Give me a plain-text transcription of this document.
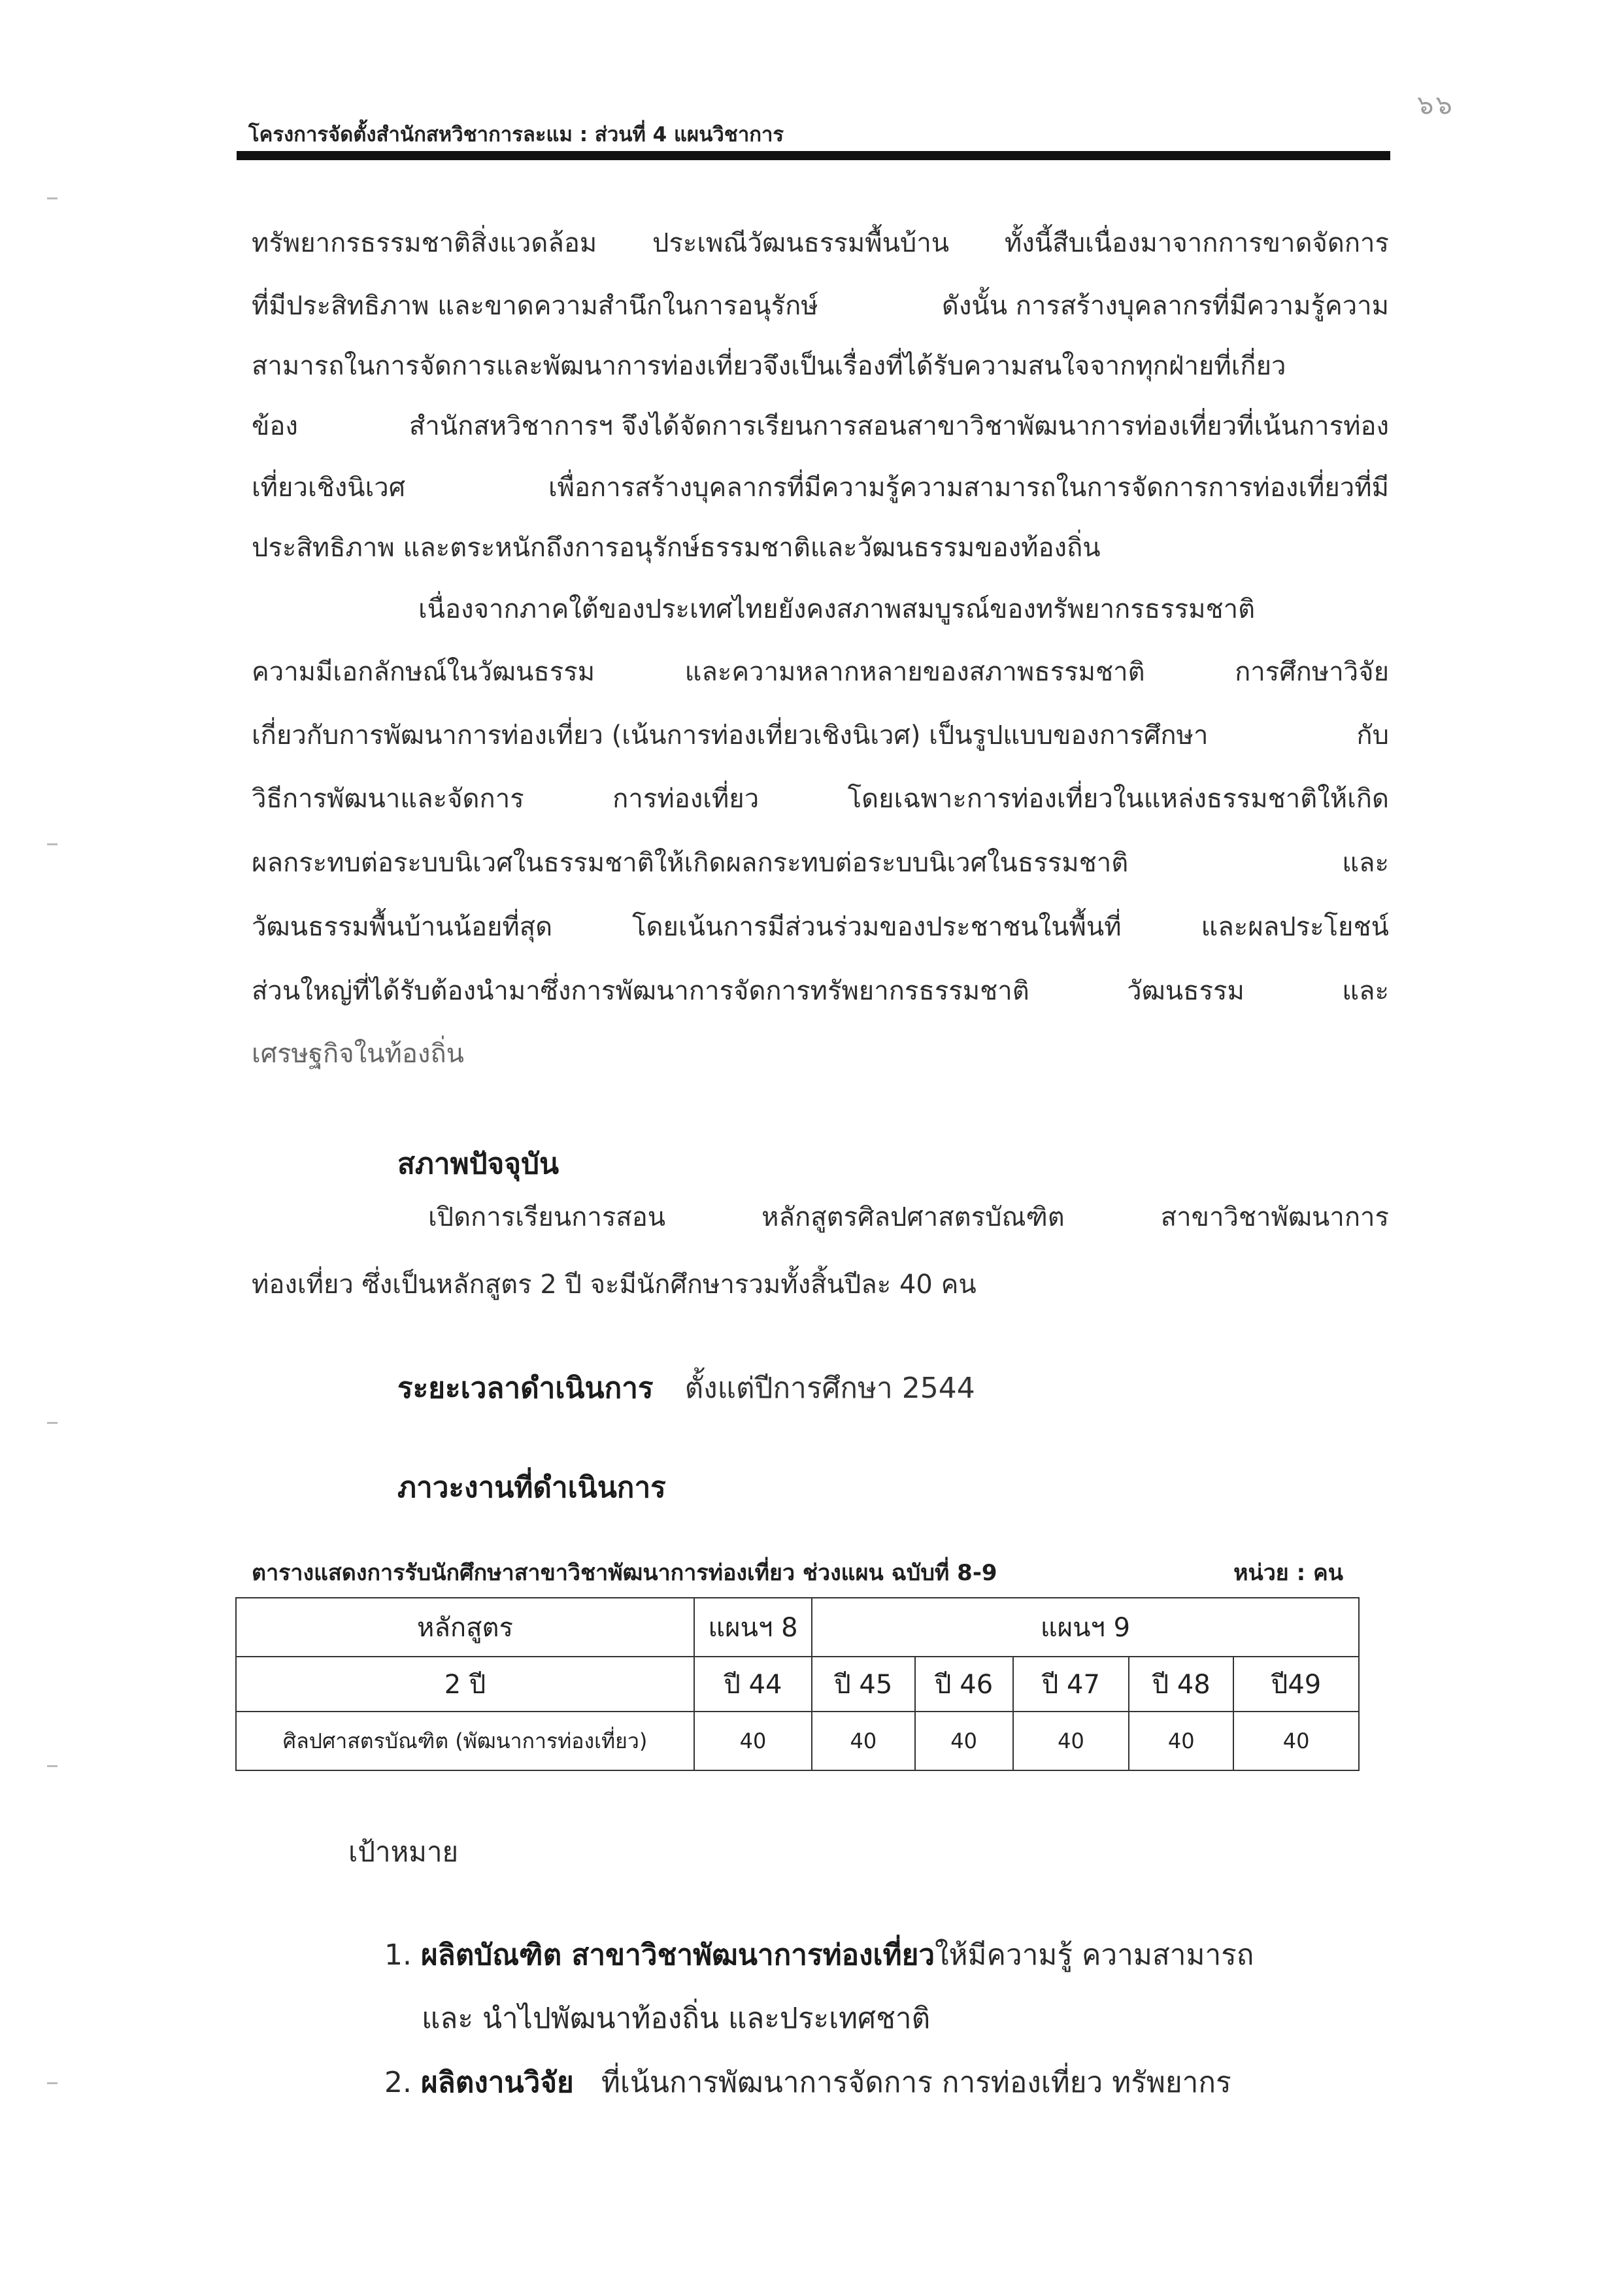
โครงการจัดตั้งสำนักสหวิชาการละแม : ส่วนที่ 4 แผนวิชาการ
๖๖
ทรัพยากรธรรมชาติสิ่งแวดล้อม ประเพณีวัฒนธรรมพื้นบ้าน ทั้งนี้สืบเนื่องมาจากการขาดจัดการ
ที่มีประสิทธิภาพ และขาดความสำนึกในการอนุรักษ์	ดังนั้น การสร้างบุคลากรที่มีความรู้ความ
สามารถในการจัดการและพัฒนาการท่องเที่ยวจึงเป็นเรื่องที่ได้รับความสนใจจากทุกฝ่ายที่เกี่ยว
ข้อง	สำนักสหวิชาการฯ จึงได้จัดการเรียนการสอนสาขาวิชาพัฒนาการท่องเที่ยวที่เน้นการท่อง
เที่ยวเชิงนิเวศ	เพื่อการสร้างบุคลากรที่มีความรู้ความสามารถในการจัดการการท่องเที่ยวที่มี
ประสิทธิภาพ และตระหนักถึงการอนุรักษ์ธรรมชาติและวัฒนธรรมของท้องถิ่น
เนื่องจากภาคใต้ของประเทศไทยยังคงสภาพสมบูรณ์ของทรัพยากรธรรมชาติ
ความมีเอกลักษณ์ในวัฒนธรรม	และความหลากหลายของสภาพธรรมชาติ	การศึกษาวิจัย
เกี่ยวกับการพัฒนาการท่องเที่ยว (เน้นการท่องเที่ยวเชิงนิเวศ) เป็นรูปแบบของการศึกษา	กับ
วิธีการพัฒนาและจัดการ	การท่องเที่ยว	โดยเฉพาะการท่องเที่ยวในแหล่งธรรมชาติให้เกิด
ผลกระทบต่อระบบนิเวศในธรรมชาติให้เกิดผลกระทบต่อระบบนิเวศในธรรมชาติ	และ
วัฒนธรรมพื้นบ้านน้อยที่สุด	โดยเน้นการมีส่วนร่วมของประชาชนในพื้นที่	และผลประโยชน์
ส่วนใหญ่ที่ได้รับต้องนำมาซึ่งการพัฒนาการจัดการทรัพยากรธรรมชาติ	วัฒนธรรม	และ
เศรษฐกิจในท้องถิ่น
สภาพปัจจุบัน
เปิดการเรียนการสอน	หลักสูตรศิลปศาสตรบัณฑิต	สาขาวิชาพัฒนาการ
ท่องเที่ยว ซึ่งเป็นหลักสูตร 2 ปี จะมีนักศึกษารวมทั้งสิ้นปีละ 40 คน
ระยะเวลาดำเนินการ ตั้งแต่ปีการศึกษา 2544
ภาวะงานที่ดำเนินการ
ตารางแสดงการรับนักศึกษาสาขาวิชาพัฒนาการท่องเที่ยว ช่วงแผน ฉบับที่ 8-9	หน่วย : คน
หลักสูตร	แผนฯ 8	แผนฯ 9				
2 ปี	ปี 44	ปี 45	ปี 46	ปี 47	ปี 48	ปี49
ศิลปศาสตรบัณฑิต (พัฒนาการท่องเที่ยว)	40	40	40	40	40	40
เป้าหมาย
1. ผลิตบัณฑิต สาขาวิชาพัฒนาการท่องเที่ยวให้มีความรู้ ความสามารถ
และ นำไปพัฒนาท้องถิ่น และประเทศชาติ
2. ผลิตงานวิจัย ที่เน้นการพัฒนาการจัดการ การท่องเที่ยว ทรัพยากร
